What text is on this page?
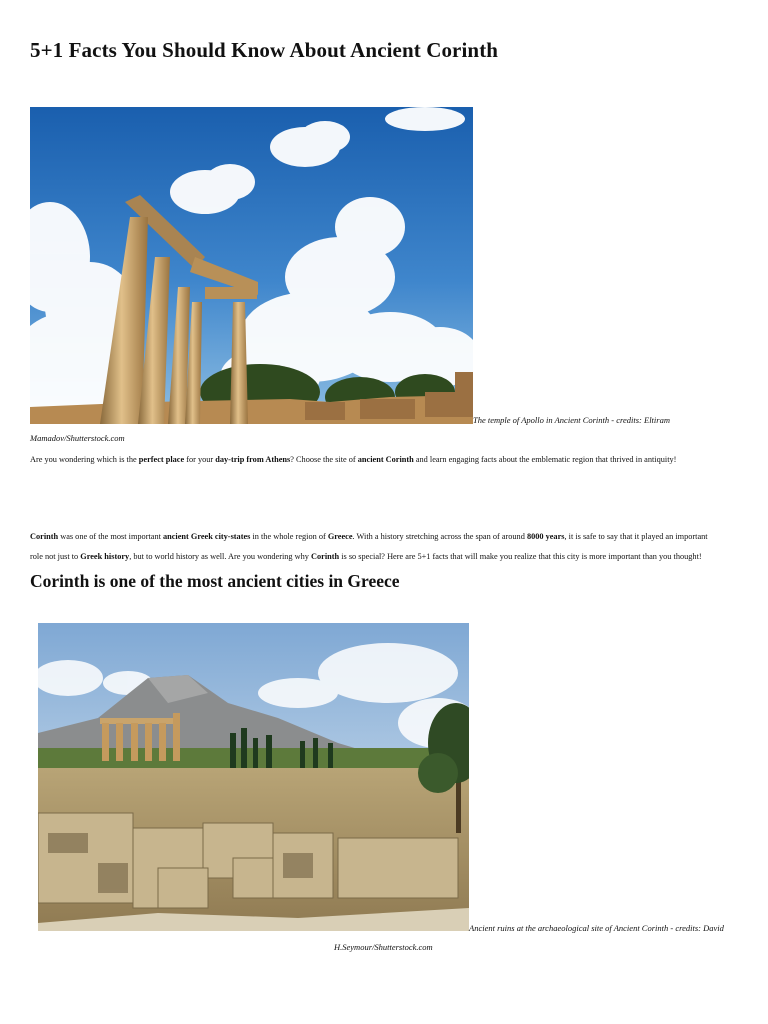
5+1 Facts You Should Know About Ancient Corinth
The temple of Apollo in Ancient Corinth - credits: Eltiram
Mamadov/Shutterstock.com

Are you wondering which is the perfect place for your day-trip from Athens? Choose the site of ancient Corinth and learn engaging facts about the emblematic region that thrived in antiquity!

Corinth was one of the most important ancient Greek city-states in the whole region of Greece. With a history stretching across the span of around 8000 years, it is safe to say that it played an important

role not just to Greek history, but to world history as well. Are you wondering why Corinth is so special? Here are 5+1 facts that will make you realize that this city is more important than you thought!

Corinth is one of the most ancient cities in Greece
Ancient ruins at the archaeological site of Ancient Corinth - credits: David
H.Seymour/Shutterstock.com
